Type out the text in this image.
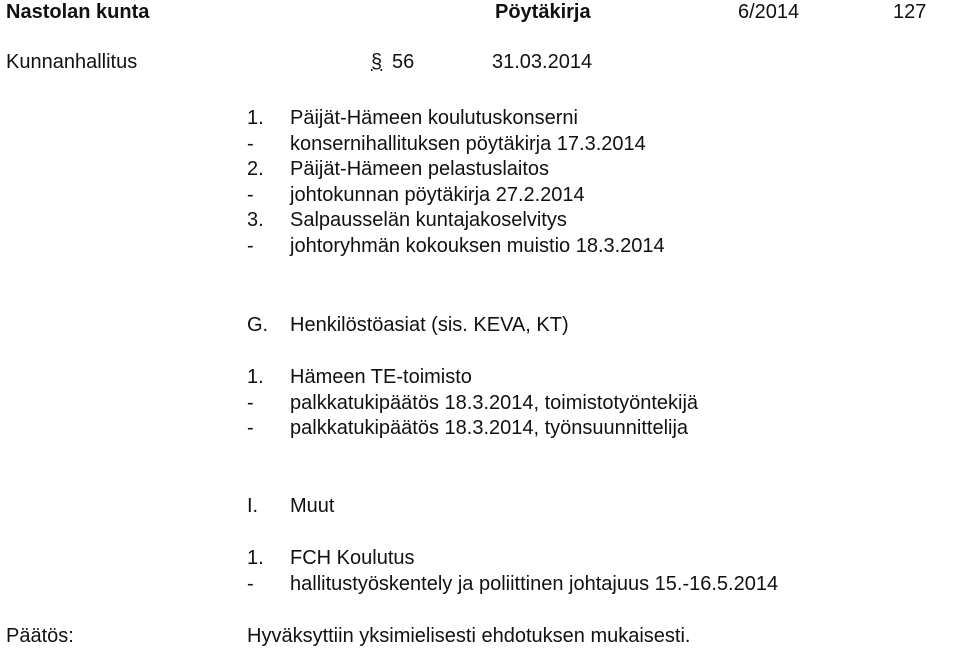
Nastolan kunta	Pöytäkirja	6/2014	127
Kunnanhallitus	§ 56	31.03.2014
1. Päijät-Hämeen koulutuskonserni
- konsernihallituksen pöytäkirja 17.3.2014
2. Päijät-Hämeen pelastuslaitos
- johtokunnan pöytäkirja 27.2.2014
3. Salpausselän kuntajakoselvitys
- johtoryhmän kokouksen muistio 18.3.2014
G. Henkilöstöasiat (sis. KEVA, KT)
1. Hämeen TE-toimisto
- palkkatukipäätös 18.3.2014, toimistotyöntekijä
- palkkatukipäätös 18.3.2014, työnsuunnittelija
I. Muut
1. FCH Koulutus
- hallitustyöskentely ja poliittinen johtajuus 15.-16.5.2014
Päätös:	Hyväksyttiin yksimielisesti ehdotuksen mukaisesti.
